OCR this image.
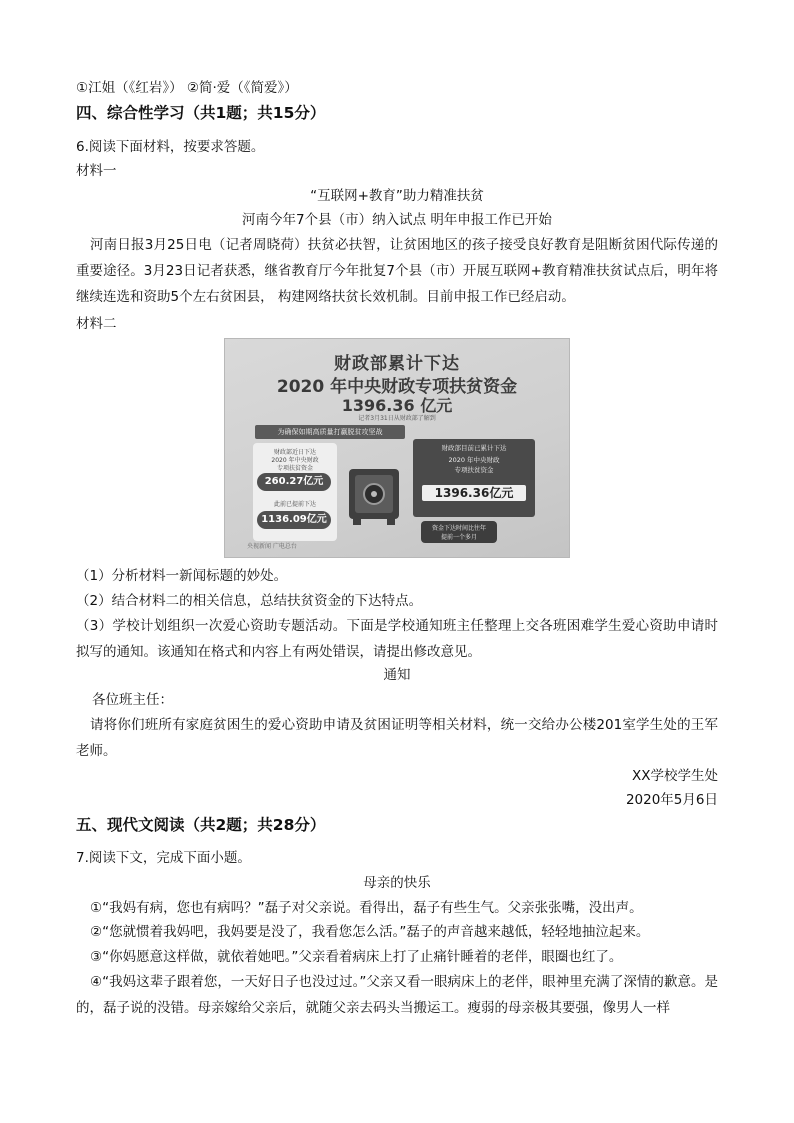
①江姐（《红岩》） ②简·爱（《简爱》）
四、综合性学习（共1题；共15分）
6.阅读下面材料，按要求答题。
材料一
“互联网+教育”助力精准扶贫
河南今年7个县（市）纳入试点 明年申报工作已开始
河南日报3月25日电（记者周晓荷）扶贫必扶智，让贫困地区的孩子接受良好教育是阻断贫困代际传递的重要途径。3月23日记者获悉，继省教育厅今年批复7个县（市）开展互联网+教育精准扶贫试点后，明年将继续连选和资助5个左右贫困县， 构建网络扶贫长效机制。目前申报工作已经启动。
材料二
财政部累计下达
2020 年中央财政专项扶贫资金
1396.36 亿元
记者3月31日从财政部了解到
为确保如期高质量打赢脱贫攻坚战
财政部近日下达
2020 年中央财政
专项扶贫资金
260.27亿元
此前已提前下达
1136.09亿元
财政部目前已累计下达
2020 年中央财政
专项扶贫资金
1396.36亿元
资金下达时间比往年
提前一个多月
央视新闻 广电总台
（1）分析材料一新闻标题的妙处。
（2）结合材料二的相关信息，总结扶贫资金的下达特点。
（3）学校计划组织一次爱心资助专题活动。下面是学校通知班主任整理上交各班困难学生爱心资助申请时拟写的通知。该通知在格式和内容上有两处错误，请提出修改意见。
通知
各位班主任：
请将你们班所有家庭贫困生的爱心资助申请及贫困证明等相关材料，统一交给办公楼201室学生处的王军老师。
XX学校学生处
2020年5月6日
五、现代文阅读（共2题；共28分）
7.阅读下文，完成下面小题。
母亲的快乐
①“我妈有病，您也有病吗？”磊子对父亲说。看得出，磊子有些生气。父亲张张嘴，没出声。
②“您就惯着我妈吧，我妈要是没了，我看您怎么活。”磊子的声音越来越低，轻轻地抽泣起来。
③“你妈愿意这样做，就依着她吧。”父亲看着病床上打了止痛针睡着的老伴，眼圈也红了。
④“我妈这辈子跟着您，一天好日子也没过过。”父亲又看一眼病床上的老伴，眼神里充满了深情的歉意。是的，磊子说的没错。母亲嫁给父亲后，就随父亲去码头当搬运工。瘦弱的母亲极其要强，像男人一样
